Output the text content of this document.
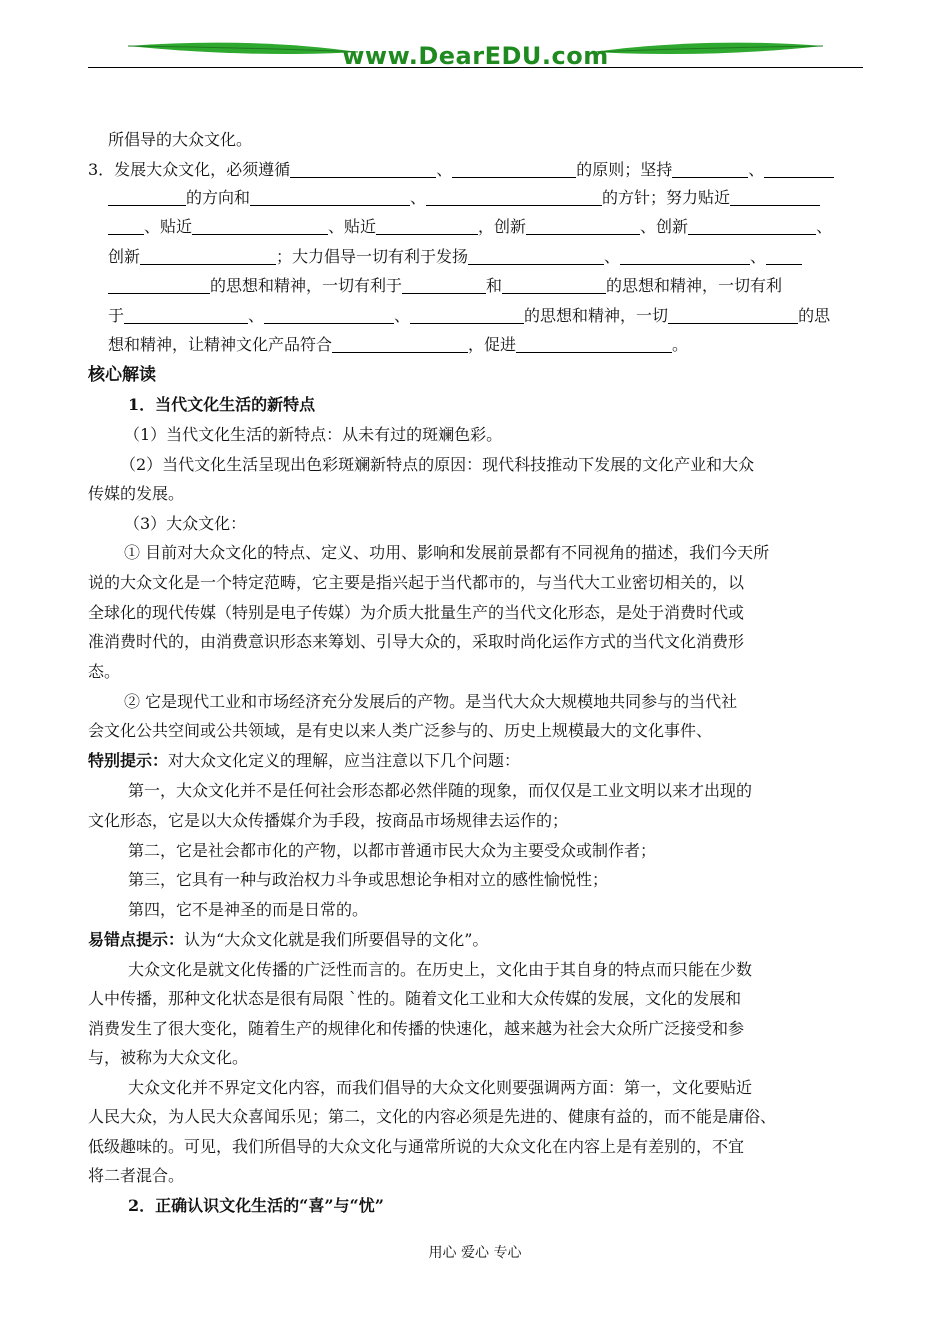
www.DearEDU.com
所倡导的大众文化。
3．发展大众文化，必须遵循	、	的原则；坚持	、
的方向和	、	的方针；努力贴近
、贴近	、贴近	，创新	、创新	、
创新	；大力倡导一切有利于发扬	、	、
的思想和精神，一切有利于	和	的思想和精神，一切有利
于	、	、	的思想和精神，一切	的思
想和精神，让精神文化产品符合	，促进	。
核心解读
1．当代文化生活的新特点
（1）当代文化生活的新特点：从未有过的斑斓色彩。
（2）当代文化生活呈现出色彩斑斓新特点的原因：现代科技推动下发展的文化产业和大众
传媒的发展。
（3）大众文化：
① 目前对大众文化的特点、定义、功用、影响和发展前景都有不同视角的描述，我们今天所
说的大众文化是一个特定范畴，它主要是指兴起于当代都市的，与当代大工业密切相关的，以
全球化的现代传媒（特别是电子传媒）为介质大批量生产的当代文化形态，是处于消费时代或
准消费时代的，由消费意识形态来筹划、引导大众的，采取时尚化运作方式的当代文化消费形
态。
② 它是现代工业和市场经济充分发展后的产物。是当代大众大规模地共同参与的当代社
会文化公共空间或公共领域，是有史以来人类广泛参与的、历史上规模最大的文化事件、
特别提示：对大众文化定义的理解，应当注意以下几个问题：
第一，大众文化并不是任何社会形态都必然伴随的现象，而仅仅是工业文明以来才出现的
文化形态，它是以大众传播媒介为手段，按商品市场规律去运作的；
第二，它是社会都市化的产物，以都市普通市民大众为主要受众或制作者；
第三，它具有一种与政治权力斗争或思想论争相对立的感性愉悦性；
第四，它不是神圣的而是日常的。
易错点提示：认为“大众文化就是我们所要倡导的文化”。
大众文化是就文化传播的广泛性而言的。在历史上，文化由于其自身的特点而只能在少数
人中传播，那种文化状态是很有局限 `性的。随着文化工业和大众传媒的发展，文化的发展和
消费发生了很大变化，随着生产的规律化和传播的快速化，越来越为社会大众所广泛接受和参
与，被称为大众文化。
大众文化并不界定文化内容，而我们倡导的大众文化则要强调两方面：第一，文化要贴近
人民大众，为人民大众喜闻乐见；第二，文化的内容必须是先进的、健康有益的，而不能是庸俗、
低级趣味的。可见，我们所倡导的大众文化与通常所说的大众文化在内容上是有差别的，不宜
将二者混合。
2．正确认识文化生活的“喜”与“忧”
用心 爱心 专心
